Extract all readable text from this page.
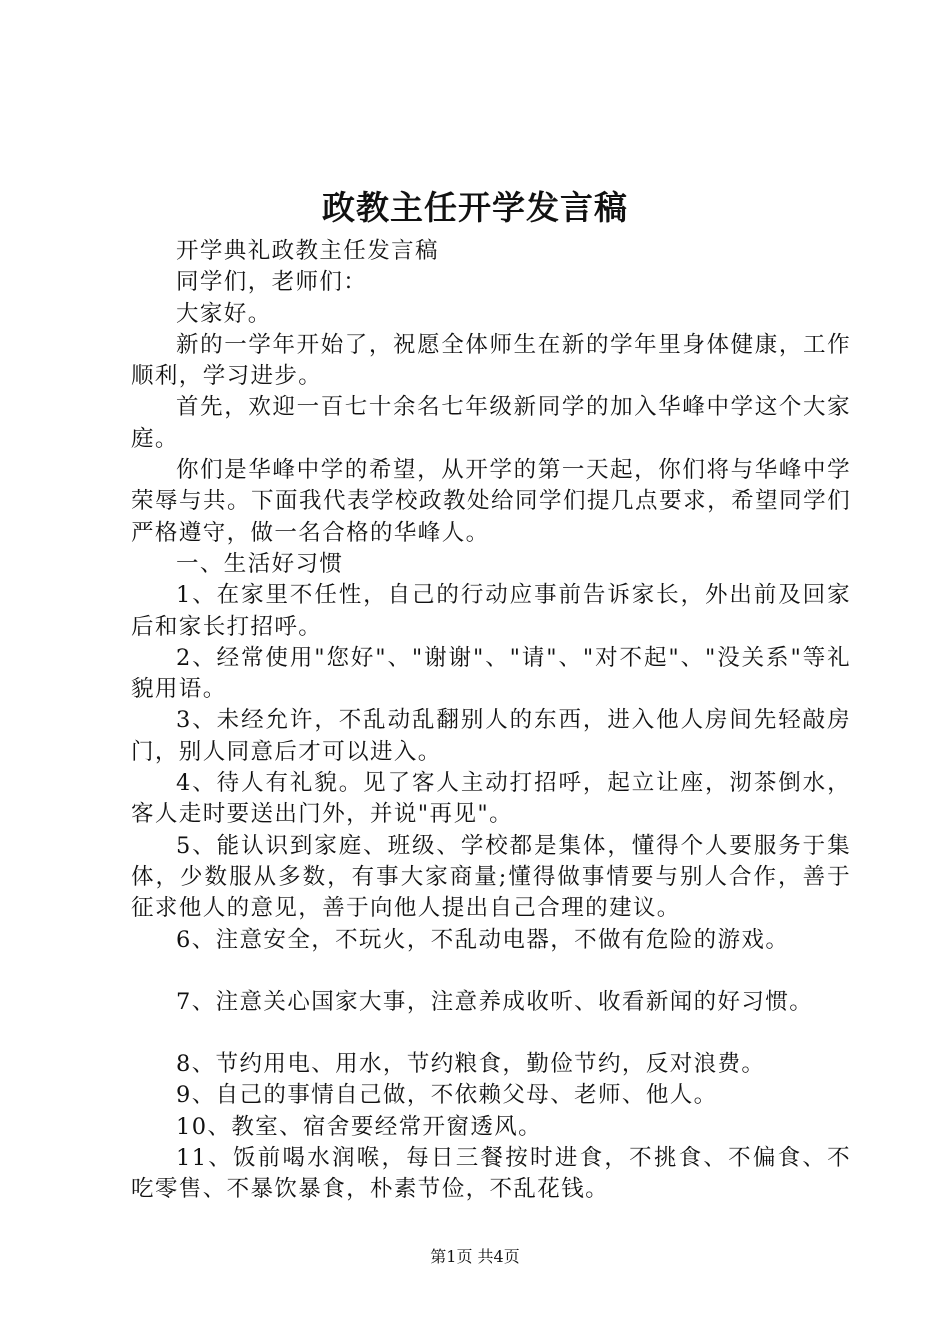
政教主任开学发言稿

开学典礼政教主任发言稿

同学们，老师们：

大家好。

新的一学年开始了，祝愿全体师生在新的学年里身体健康，工作顺利，学习进步。

首先，欢迎一百七十余名七年级新同学的加入华峰中学这个大家庭。

你们是华峰中学的希望，从开学的第一天起，你们将与华峰中学荣辱与共。下面我代表学校政教处给同学们提几点要求，希望同学们严格遵守，做一名合格的华峰人。

一、生活好习惯

1、在家里不任性，自己的行动应事前告诉家长，外出前及回家后和家长打招呼。

2、经常使用"您好"、"谢谢"、"请"、"对不起"、"没关系"等礼貌用语。

3、未经允许，不乱动乱翻别人的东西，进入他人房间先轻敲房门，别人同意后才可以进入。

4、待人有礼貌。见了客人主动打招呼，起立让座，沏茶倒水，客人走时要送出门外，并说"再见"。

5、能认识到家庭、班级、学校都是集体，懂得个人要服务于集体，少数服从多数，有事大家商量;懂得做事情要与别人合作，善于征求他人的意见，善于向他人提出自己合理的建议。

6、注意安全，不玩火，不乱动电器，不做有危险的游戏。

7、注意关心国家大事，注意养成收听、收看新闻的好习惯。

8、节约用电、用水，节约粮食，勤俭节约，反对浪费。

9、自己的事情自己做，不依赖父母、老师、他人。

10、教室、宿舍要经常开窗透风。

11、饭前喝水润喉，每日三餐按时进食，不挑食、不偏食、不吃零售、不暴饮暴食，朴素节俭，不乱花钱。

第1页 共4页
